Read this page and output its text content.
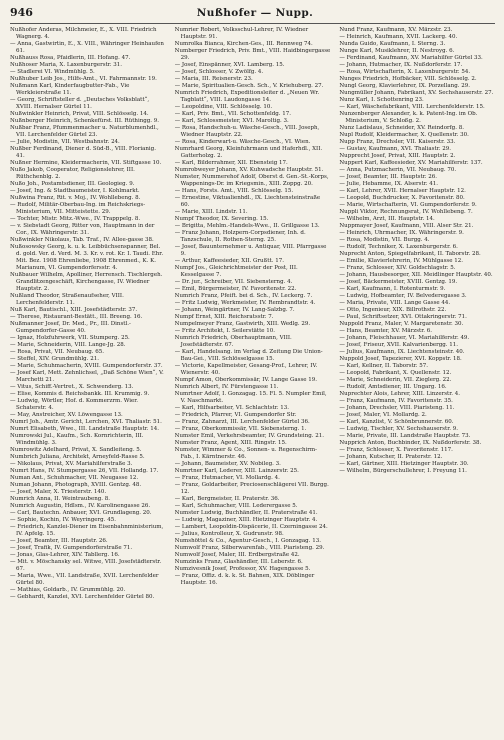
946	Nußhofer — Nupp.

Nußhofer Anderas, Milchmeier, E., X. VIII. Friedrich Wagnerg. 4.

— Anna, Gastwirtin, E., X. VIII., Währinger Heinhaufen 61.

Nußhauss Rosa, Pfaidlerin, III. Hofang. 47.

Nußhoser Maria, X. Laxenburgerstr. 31.

— Stadlerei VI. Windmühlg. 5.

Nußhuber Leib Jos., Hilfs-Amt., VI. Fahrmannstr. 19.

Nußmann Karl, Kinderfaugbutter-Fab., Vie Werkleierstraße 11.

— Georg, Schriftsteller d. „Deutsches Volksblatt“, XVIII. Hernalser Gürtel 11.

Nußwinkler Heinrich, Privat, VIII. Schlösselg. 14.

Nußnberger Heinrich, Schenkefürst. III. Rüthingg. 9.

Nußbar Franz, Pfummenmacher u. Naturblumenhdl., VII. Lerchenfelder Gürtel 23.

— Julie, Modistin, VII. Westbahnstr. 24.

Nußber Ferdinand, Diener d. Süd-B., VIII. Florianig. 41.

Nußner Hermine, Kleidermacherin, VII. Stiftgasse 10.

Nußo Jakob, Cooperator, Religionslehrer, III. Rüthchenblg. 2.

Nußo Joh., Postamtsdiener, III. Geologieg. 9.

— Josef, Ing. & Stadtbaumeister, I. Kohlmarkt.

Nußwina Franz, Rit. v. Moj., IV. Wohllebeng. 8.

— Rudolf, Militär-Oberbau-Ing. im Reichskriegs-Ministerium, VII. Mitteistette. 29.

— Tochter, Mistr. Mitz.-Wwe., IV. Trapppelg. 8.

— v. Siebstadt Georg, Ritter von, Hauptmann in der Cor., IX. Währingerstr. 31.

Nußwinkler Nikolaus, Tab. Traf., IV. Allee-gasse 38.

Nußosowsky Georg, k. u. k. Leibbüchsenspanner, Bel. d. gold. Ver. d. Verd. M. 3. Kr. v. rot. Kr. I. Taudi. Ehr. Mit. Bez. 1908 Ehrenliebe, 1908 Ehrenmed., K. K. Marianum, VI. Gumpendorfersstr. 4.

Nußbauer Wilhelm, Apolliner, Herrensch. Tischlergeh. Grandlitzengeschäft, Kirchengasse, IV. Wiedner Hauptstr. 2.

Nußland Theodor, Straßenaufseher, VIII. Lerchenfelderstr. 11.

Nuß Karl, Bautischl., XIII. Josefstädterstr. 37.

— Therese, Ristaurant-Bestätt., III. Breeng. 16.

Nußmanner Josef, Dr. Med., Pr., III. Dinstl.-Gumpendorfer-Gasse 40.

— Ignaz, Holzfuhrwerk, VII. Stumperg. 25.

— Marie, Schneiderin, VIII. Lange-Jg. 28.

— Rosa, Privat, VII. Neubaug. 65.

— Steffel, XIV. Grundmühlg. 21.

— Marie, Schuhmacherin, XVIII. Gumpendorferstr. 37.

— Josef Karl, Mett. Zehnlichsel, „Daß Schöne Wien“, V. Marchetti 21.

— Vitus, Schiff.-Vertret., X. Schwenderg. 13.

— Elise, Kommis d. Reichsbankk. III. Krummig. 9.

— Ludwig, Wörtler, Hof. d. Kommerzrm. Wier. Schaterstr. 4.

— May, Anstreicher, XV. Löwengasse 13.

Numrl Joh., Amtr. Gericht, Lerchen, XVI. Thaliastr. 51.

Numrt Elisabeth, Wwe., III. Landstraße Hauptstr. 14.

Numrowski Jul., Kaufm., Sch. Kornrichterin, III. Windmühlg. 3.

Numrowitz Adelhard, Privat, X. Sandleiteng. 5.

Numbrich Juliana, Architekt, Arneyfeld-Rasse 5.

— Nikolaus, Privat, XV. Mariahilferstraße 3.

Numrt Hans, IV. Stumpergasse 26, VII. Hollandg. 17.

Numan Ant., Schuhmacher, VII. Neugasse 12.

Numan Johann, Photograph, XVIII. Gentzg. 48.

— Josef, Maler, X. Triesterstr. 140.

Numrich Anna, II. Weintraubeng. 8.

Numrich Augustin, Hdlsm., IV. Karolinengasse 26.

— Carl, Bautechn. Anbauer, XVI. Grundlageng. 20.

— Sophie, Kochin, IV. Weyringerg. 45.

— Friedrich, Kanzlei-Diener im Eisenbahnministerium, IV. Apfelg. 15.

— Josef, Beamter, III. Hauptstr. 26.

— Josef, Trafik, IV. Gumpendorferstraße 71.

— Jonas, Glas-Lehrer, XIV. Tabllerg. 16.

— Mit. v. Möschansky sel. Witwe, VIII. Josefstädterstr. 67.

— Maria, Wwe., VII. Landstraße, XVII. Lerchenfelder Gürtel 80.

— Mathias, Goldarb., IV. Grummühlg. 20.

— Gebhardt, Kanzlei, XVI. Lerchenfelder Gürtel 80.

Numrier Robert, Volksschul-Lehrer, IV. Wiedner Hauptstr. 91.

Numrolka Bianca, Kirchen-Ges., III. Rennweg 74.

Numberger Friedrich, Priv. Bmt., VIII. Haidbingergasse 29.

— Josef, Einspänner, XVI. Lamberg. 15.

— Josef, Schlosser, V. Zwölfg. 4.

— Maria, III. Reisnerstr. 23.

— Marie, Spiritualien-Gesch. Sch., V. Kriehuberg. 27.

Numrich Friedrich, Expeditionsleiter d. „Neuen Wr. Tagblatt“, VIII. Laudongasse 14.

— Leopoldine, VIII. Schlösselg. 10.

— Karl, Priv. Bmt., VII. Schottenfeldg. 17.

— Karl, Schlossmeister, XVI. Maroltig. 3.

— Rosa, Handschuh-u. Wäsche-Gesch., VIII. Joseph, Wiedner Hauptstr. 22.

— Rosa, Kinderwart-u. Wäsche-Gesch., VI. Wien.

Numrhard Georg, Kleinfuhrmann und Haferhdl., XII. Gatterholzg. 2.

— Karl, Bilderrahmer, XII. Ebensteig 17.

Numrobweyer Johann, XV. Kuhwadsche Hauptstr. 51.

Numster, Nummerehof Adolf, Oberst d. Gen.-St.-Korps, Wappenings-Dr. im Kriegsmin., XIII. Zoppg. 20.

— Hans, Forsts. Amt., VIII. Schlösselg. 15.

— Ernestine, Viktualienhdl., IX. Liechtensteinstraße 60.

— Marie, XIII. Lindstr. 11.

Numpf Theodor, IX. Severing. 15.

— Brigitta, Mehlm.-Handels-Wwe., II. Grillgasse 13.

— Franz Johann, Holzpern-Corpsdiener, Inh. d. Tanzschule, II. Rothen-Sterng. 25.

— Josef, Bauunternehmer u. Antiquar, VIII. Pfarrgasse 9.

— Arthur, Kaffeesieder, XII. Grußtt. 17.

Numpf Jos., Gleichrichtmeister der Post, III. Kesselgasse 7.

— Dr. jur., Schreiber, VII. Siebensterng. 4.

— Emil, Bürgermeister, IV. Favoritenstr. 22.

Numrich Franz, Pfeift. bei d. Sch., IV. Leckerg. 7.

— Fritz Ludwig, Werkmeister, IV. Rembrandtstr. 4.

— Johann, Weingärtner, IV. Lang-Salzbg. 7.

Numpf Ernst, XIII. Reichsratsstr. 7.

Numpelmeyer Franz, Gastwirth, XIII. Wedlg. 29.

— Fritz Architekt, I. Seilerstätte 10.

Numrich Friedrich, Oberhauptmann, VIII. Josefstädterstr. 67.

— Karl, Handelsang. im Verlag d. Zeitung Die Union-Bau-Gei., VIII. Schlösselgasse 15.

— Victorie, Kapellmeister, Gesang-Prof., Lehrer, IV. Wienerstr. 40.

Numpf Amon, Oberkommissär, IV. Lange Gasse 19.

Numrich Albert, IV. Fürstengasse 11.

Numrtner Adolf, I. Gonzagag. 15. Fl. 5. Numpler Emil, V. Naschmarkt.

— Karl, Hilfsarbeiter, VI. Schlachtstr. 13.

— Friedrich, Pfarrer, VI. Gumpendorfer Str.

— Franz, Zahnarzt, III. Lerchenfelder Gürtel 36.

— Franz, Oberkommissär, VII. Siebensterng. 1.

Numster Emil, Verkehrsbeamter, IV. Grundsteing. 21.

Numster Franz, Agent, XIII. Ringstr. 15.

Numster, Wimmer & Co., Sonnen- u. Regenschirm-Fab., I. Kärntnerstr. 46.

— Johann, Baumeister, XV. Nobileg. 3.

Numrtner Karl, Lederer, XIII. Lainzerstr. 25.

— Franz, Hutmacher, VI. Mollardg. 4.

— Franz, Goldarbeiter, Preciosenschlägerei VII. Burgg. 12.

— Karl, Bergmeister, II. Praterstr. 36.

— Karl, Schuhmacher, VIII. Lederergasse 5.

Numster Ludwig, Buchhändler, II. Praterstraße 41.

— Ludwig, Magaziner, XIII. Hietzinger Hauptstr. 4.

— Lambert, Leopoldin-Dispäcerie, II. Czerningasse 24.

— Julius, Kontrolleur, X. Gudrunstr. 98.

Numshöttel & Co., Agentur-Gesch., I. Gonzagag. 13.

Numwolf Franz, Silberwarenfab., VIII. Piaristeng. 29.

Numwolf Josef, Maler, III. Erdbergstraße 42.

Numzinks Franz, Glashändler, III. Leberstr. 6.

Numzivesnik Josef, Professor, XV. Hagengasse 5.

— Franz, Offiz. d. k. k. St. Bahnen, XIX. Döblinger Hauptstr. 16.

Nund Franz, Kaufmann, XV. Märzstr. 23.

— Heinrich, Kaufmann, XVII. Lackerg. 40.

Nunda Guido, Kaufmann, I. Sterng. 3.

Nunge Karl, Musiklehrer, II. Nestroyg. 6.

— Ferdinand, Kaufmann, XV. Mariahilfer Gürtel 33.

— Johann, Hutmacher, IX. Nußdorferstr. 17.

— Rosa, Wirtschafterin, X. Laxenburgerstr. 54.

Nunges Friedrich, Hofbäcker, VIII. Schlösselg. 2.

Nungl Georg, Klavierlehrer, IX. Porzellang. 29.

Nungmüller Johann, Fabrikant, XV. Sechshauserstr. 27.

Nunz Karl, I. Schottenring 23.

— Karl, Wäschefabrikant, VIII. Lerchenfelderstr. 15.

Nunzenberger Alexander, k. k. Patent-Ing. im Ob. Ministerium, V. Schloßg. 2.

Nunz Ladislaus, Schneider, XV. Reindorfg. 8.

Nupl Rudolf, Kleidermacher, X. Quellenstr. 30.

Nupp Franz, Drechsler, VII. Kaiserstr. 33.

— Gustav, Kaufmann, XVI. Thaliastr. 29.

Nupprecht Josef, Privat, XIII. Hauptstr. 2.

Nuppert Karl, Kaffeesieder, XV. Mariahilferstr. 137.

— Anna, Putzmacherin, VII. Neubaug. 70.

— Josef, Beamter, III. Hauptstr. 26.

— Julie, Hebamme, IX. Alserstr. 41.

— Karl, Lehrer, XVII. Hernalser Hauptstr. 12.

— Leopold, Buchdrucker, X. Favoritenstr. 80.

— Marie, Wirtschafterin, VI. Gumpendorferstr. 9.

Nuppli Viktor, Rechnungsrat, IV. Wohllebeng. 7.

— Wilhelm, Arzt, III. Hauptstr. 14.

Nuppmayer Josef, Kaufmann, VIII. Alser Str. 21.

— Heinrich, Uhrmacher, IX. Währingerstr. 9.

— Rosa, Modistin, VII. Burgg. 4.

— Rudolf, Techniker, X. Laxenburgerstr. 6.

Nuprecht Anton, Spiegelfabrikant, II. Taborstr. 28.

— Emilie, Klavierlehrerin, IV. Mühlgasse 12.

— Franz, Schlosser, XIV. Goldschlagstr. 5.

— Johann, Hausbesorger, XII. Meidlinger Hauptstr. 40.

— Josef, Bäckermeister, XVIII. Gentzg. 19.

— Karl, Kaufmann, I. Rotenturmstr. 9.

— Ludwig, Hofbeamter, IV. Belvederegasse 3.

— Maria, Private, VIII. Lange Gasse 44.

— Otto, Ingenieur, XIX. Billrothstr. 22.

— Paul, Schriftsetzer, XVI. Ottakringerstr. 71.

Nuppold Franz, Maler, V. Margaretenstr. 30.

— Hans, Beamter, XV. Märzstr. 6.

— Johann, Fleischhauer, VI. Mariahilferstr. 49.

— Josef, Friseur, XVII. Kalvarienbergg. 11.

— Julius, Kaufmann, IX. Liechtensteinstr. 40.

Nuppold Josef, Tapezierer, XVI. Koppstr. 18.

— Karl, Kellner, II. Taborstr. 57.

— Leopold, Fabrikant, X. Quellenstr. 12.

— Marie, Schneiderin, VII. Zieglerg. 22.

— Rudolf, Amtsdiener, III. Ungarg. 16.

Nuprechter Alois, Lehrer, XIII. Linzerstr. 4.

— Franz, Kaufmann, IV. Favoritenstr. 35.

— Johann, Drechsler, VIII. Piaristeng. 11.

— Josef, Maler, VI. Mollardg. 2.

— Karl, Kanzlist, V. Schönbrunnerstr. 60.

— Ludwig, Tischler, XV. Sechshauserstr. 9.

— Marie, Private, III. Landstraße Hauptstr. 73.

Nupprich Anton, Buchbinder, IX. Nußdorferstr. 38.

— Franz, Schlosser, X. Favoritenstr. 117.

— Johann, Kutscher, II. Praterstr. 12.

— Karl, Gärtner, XIII. Hietzinger Hauptstr. 30.

— Wilhelm, Bürgerschullehrer, I. Freyung 11.
